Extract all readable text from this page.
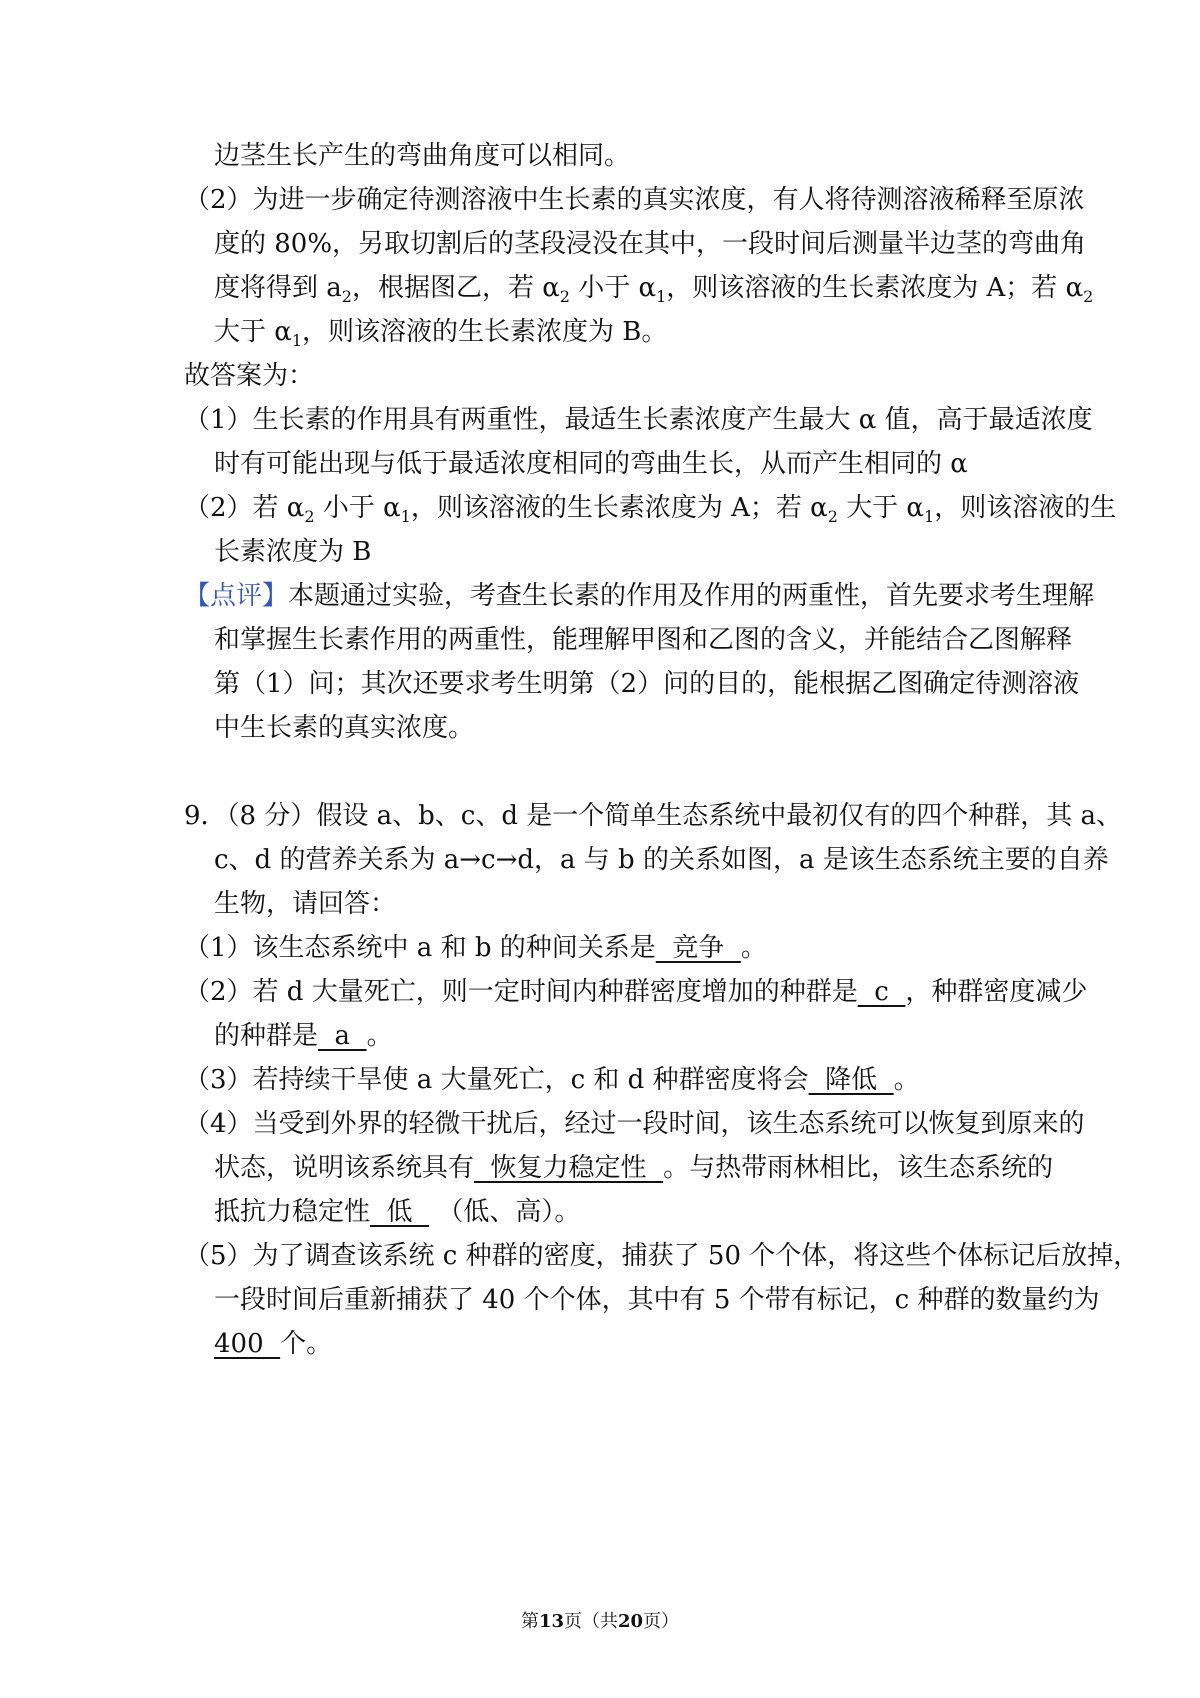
边茎生长产生的弯曲角度可以相同。
（2）为进一步确定待测溶液中生长素的真实浓度，有人将待测溶液稀释至原浓
度的 80%，另取切割后的茎段浸没在其中，一段时间后测量半边茎的弯曲角
度将得到 $a_2$，根据图乙，若 $\alpha_2$ 小于 $\alpha_1$，则该溶液的生长素浓度为 A；若 $\alpha_2$
大于 $\alpha_1$，则该溶液的生长素浓度为 B。
故答案为：
（1）生长素的作用具有两重性，最适生长素浓度产生最大 α 值，高于最适浓度
时有可能出现与低于最适浓度相同的弯曲生长，从而产生相同的 α
（2）若 $\alpha_2$ 小于 $\alpha_1$，则该溶液的生长素浓度为 A；若 $\alpha_2$ 大于 $\alpha_1$，则该溶液的生
长素浓度为 B
【点评】本题通过实验，考查生长素的作用及作用的两重性，首先要求考生理解
和掌握生长素作用的两重性，能理解甲图和乙图的含义，并能结合乙图解释
第（1）问；其次还要求考生明第（2）问的目的，能根据乙图确定待测溶液
中生长素的真实浓度。
9．（8 分）假设 a、b、c、d 是一个简单生态系统中最初仅有的四个种群，其 a、
c、d 的营养关系为 a→c→d，a 与 b 的关系如图，a 是该生态系统主要的自养
生物，请回答：
（1）该生态系统中 a 和 b 的种间关系是  竞争  。
（2）若 d 大量死亡，则一定时间内种群密度增加的种群是  c  ，种群密度减少
的种群是  a  。
（3）若持续干旱使 a 大量死亡，c 和 d 种群密度将会  降低  。
（4）当受到外界的轻微干扰后，经过一段时间，该生态系统可以恢复到原来的
状态，说明该系统具有  恢复力稳定性  。与热带雨林相比，该生态系统的
抵抗力稳定性  低   （低、高）。
（5）为了调查该系统 c 种群的密度，捕获了 50 个个体，将这些个体标记后放掉，
一段时间后重新捕获了 40 个个体，其中有 5 个带有标记，c 种群的数量约为
400  个。
第13页（共20页）
